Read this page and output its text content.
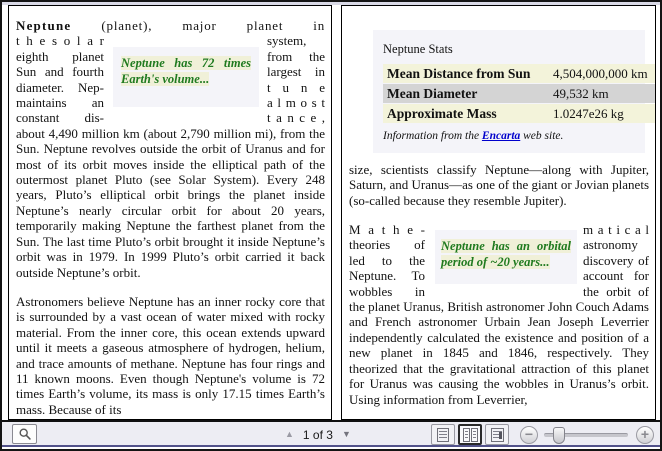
Neptune (planet), major planet in
t h e s o l a r
eighth planet
Sun and fourth
diameter. Nep-
maintains an
constant dis-
Neptune has 72 times Earth's volume...
system,
from the
largest in
t u n e
a l m o s t
t a n c e ,
about 4,490 million km (about 2,790 million mi), from the Sun. Neptune revolves outside the orbit of Uranus and for most of its orbit moves inside the elliptical path of the outermost planet Pluto (see Solar System). Every 248 years, Pluto’s elliptical orbit brings the planet inside Neptune’s nearly circular orbit for about 20 years, temporarily making Neptune the farthest planet from the Sun. The last time Pluto’s orbit brought it inside Neptune’s orbit was in 1979. In 1999 Pluto’s orbit carried it back outside Neptune’s orbit.
Astronomers believe Neptune has an inner rocky core that is surrounded by a vast ocean of water mixed with rocky material. From the inner core, this ocean extends upward until it meets a gaseous atmosphere of hydrogen, helium, and trace amounts of methane. Neptune has four rings and 11 known moons. Even though Neptune's volume is 72 times Earth’s volume, its mass is only 17.15 times Earth’s mass. Because of its
Neptune Stats
Mean Distance from Sun	4,504,000,000 km
Mean Diameter	49,532 km
Approximate Mass	1.0247e26 kg
Information from the Encarta web site.
size, scientists classify Neptune—along with Jupiter, Saturn, and Uranus—as one of the giant or Jovian planets (so-called because they resemble Jupiter).
M a t h e -
theories of
led to the
Neptune. To
wobbles in
Neptune has an orbital period of ~20 years...
m a t i c a l
astronomy
discovery of
account for
the orbit of
the planet Uranus, British astronomer John Couch Adams and French astronomer Urbain Jean Joseph Leverrier independently calculated the existence and position of a new planet in 1845 and 1846, respectively. They theorized that the gravitational attraction of this planet for Uranus was causing the wobbles in Uranus’s orbit. Using information from Leverrier,
▲ 1 of 3 ▼	−	+
